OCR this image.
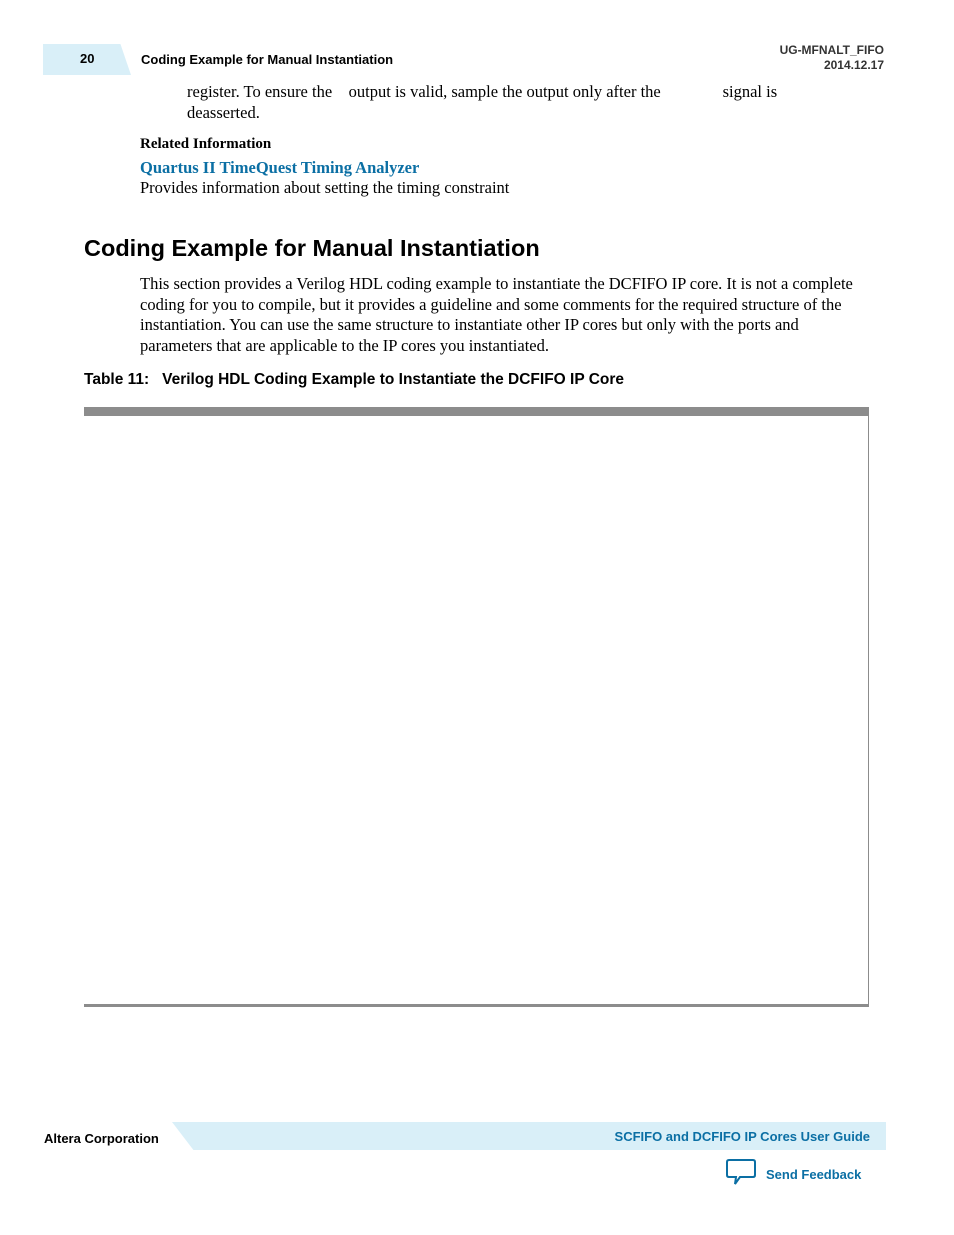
20	Coding Example for Manual Instantiation
UG-MFNALT_FIFO
2014.12.17
register. To ensure the    output is valid, sample the output only after the               signal is
deasserted.
Related Information
Quartus II TimeQuest Timing Analyzer
Provides information about setting the timing constraint
Coding Example for Manual Instantiation
This section provides a Verilog HDL coding example to instantiate the DCFIFO IP core. It is not a complete coding for you to compile, but it provides a guideline and some comments for the required structure of the instantiation. You can use the same structure to instantiate other IP cores but only with the ports and parameters that are applicable to the IP cores you instantiated.
Table 11:   Verilog HDL Coding Example to Instantiate the DCFIFO IP Core
Altera Corporation	SCFIFO and DCFIFO IP Cores User Guide
Send Feedback
